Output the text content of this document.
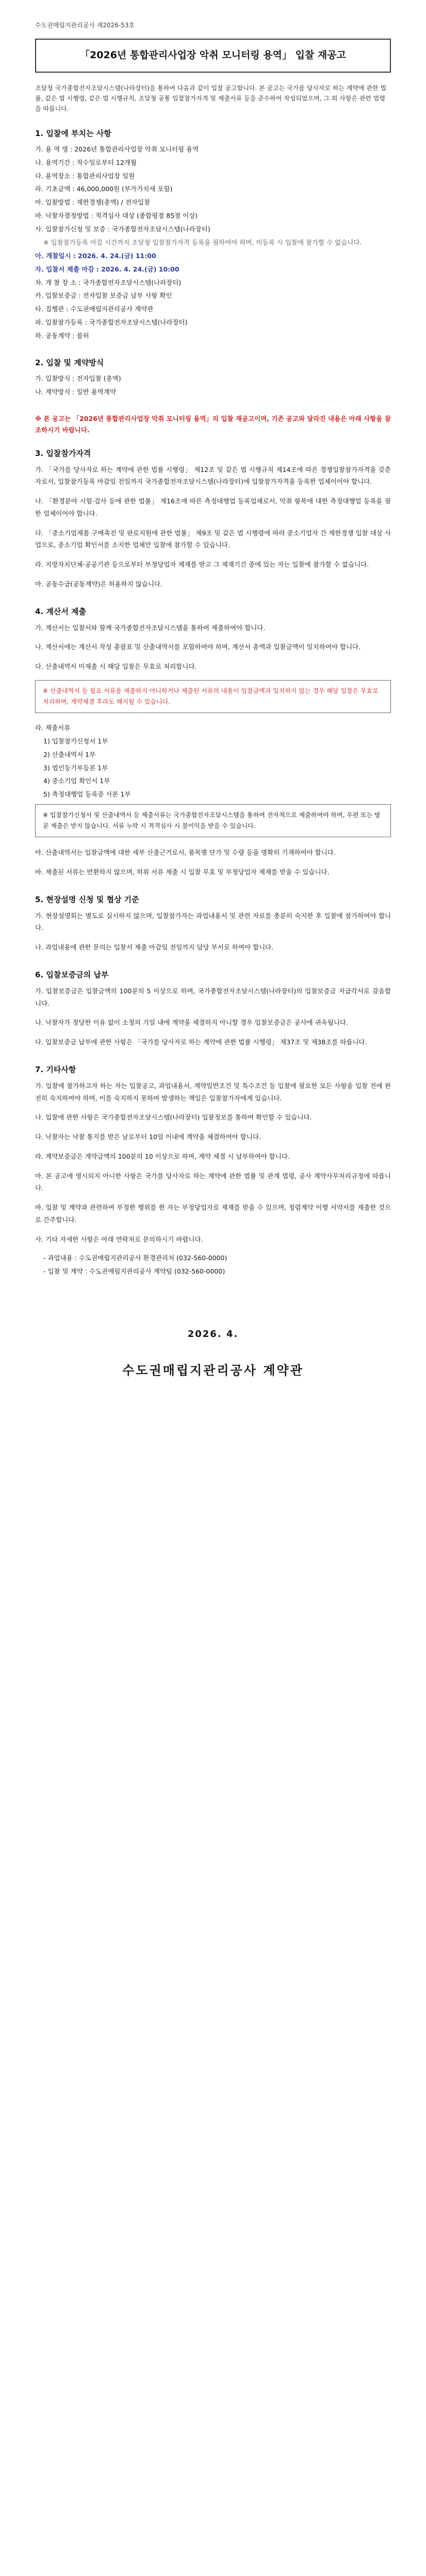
수도권매립지관리공사 제2026-53호
「2026년 통합관리사업장 악취 모니터링 용역」 입찰 재공고
조달청 국가종합전자조달시스템(나라장터)을 통하여 다음과 같이 입찰 공고합니다. 본 공고는 국가를 당사자로 하는 계약에 관한 법률, 같은 법 시행령, 같은 법 시행규칙, 조달청 공통 입찰참가자격 및 제출서류 등을 준수하여 작성되었으며, 그 외 사항은 관련 법령을 따릅니다.
1. 입찰에 부치는 사항
가. 용 역 명 : 2026년 통합관리사업장 악취 모니터링 용역
나. 용역기간 : 착수일로부터 12개월
다. 용역장소 : 통합관리사업장 일원
라. 기초금액 : 46,000,000원 (부가가치세 포함)
마. 입찰방법 : 제한경쟁(총액) / 전자입찰
바. 낙찰자결정방법 : 적격심사 대상 (종합평점 85점 이상)
사. 입찰참가신청 및 보증 : 국가종합전자조달시스템(나라장터)
※ 입찰참가등록 마감 시간까지 조달청 입찰참가자격 등록을 필하여야 하며, 미등록 시 입찰에 참가할 수 없습니다.
아. 개찰일시 : 2026. 4. 24.(금) 11:00
자. 입찰서 제출 마감 : 2026. 4. 24.(금) 10:00
차. 개 찰 장 소 : 국가종합전자조달시스템(나라장터)
카. 입찰보증금 : 전자입찰 보증금 납부 사항 확인
타. 집행관 : 수도권매립지관리공사 계약관
파. 입찰참가등록 : 국가종합전자조달시스템(나라장터)
하. 공동계약 : 불허
2. 입찰 및 계약방식
가. 입찰방식 : 전자입찰 (총액)
나. 계약방식 : 일반 용역계약
※ 본 공고는 「2026년 통합관리사업장 악취 모니터링 용역」의 입찰 재공고이며, 기존 공고와 달라진 내용은 아래 사항을 참조하시기 바랍니다.
3. 입찰참가자격
가. 「국가를 당사자로 하는 계약에 관한 법률 시행령」 제12조 및 같은 법 시행규칙 제14조에 따른 경쟁입찰참가자격을 갖춘 자로서, 입찰참가등록 마감일 전일까지 국가종합전자조달시스템(나라장터)에 입찰참가자격을 등록한 업체이어야 합니다.
나. 「환경분야 시험·검사 등에 관한 법률」 제16조에 따른 측정대행업 등록업체로서, 악취 항목에 대한 측정대행업 등록을 필한 업체이어야 합니다.
다. 「중소기업제품 구매촉진 및 판로지원에 관한 법률」 제9조 및 같은 법 시행령에 따라 중소기업자 간 제한경쟁 입찰 대상 사업으로, 중소기업 확인서를 소지한 업체만 입찰에 참가할 수 있습니다.
라. 지방자치단체·공공기관 등으로부터 부정당업자 제재를 받고 그 제재기간 중에 있는 자는 입찰에 참가할 수 없습니다.
마. 공동수급(공동계약)은 허용하지 않습니다.
4. 계산서 제출
가. 계산서는 입찰서와 함께 국가종합전자조달시스템을 통하여 제출하여야 합니다.
나. 계산서에는 계산서 작성 총괄표 및 산출내역서를 포함하여야 하며, 계산서 총액과 입찰금액이 일치하여야 합니다.
다. 산출내역서 미제출 시 해당 입찰은 무효로 처리합니다.
※ 산출내역서 등 필요 서류를 제출하지 아니하거나 제출된 서류의 내용이 입찰금액과 일치하지 않는 경우 해당 입찰은 무효로 처리하며, 계약체결 후라도 해지될 수 있습니다.
라. 제출서류
1) 입찰참가신청서 1부
2) 산출내역서 1부
3) 법인등기부등본 1부
4) 중소기업 확인서 1부
5) 측정대행업 등록증 사본 1부
※ 입찰참가신청서 및 산출내역서 등 제출서류는 국가종합전자조달시스템을 통하여 전자적으로 제출하여야 하며, 우편 또는 방문 제출은 받지 않습니다. 서류 누락 시 적격심사 시 불이익을 받을 수 있습니다.
마. 산출내역서는 입찰금액에 대한 세부 산출근거로서, 품목별 단가 및 수량 등을 명확히 기재하여야 합니다.
바. 제출된 서류는 반환하지 않으며, 허위 서류 제출 시 입찰 무효 및 부정당업자 제재를 받을 수 있습니다.
5. 현장설명 신청 및 협상 기준
가. 현장설명회는 별도로 실시하지 않으며, 입찰참가자는 과업내용서 및 관련 자료를 충분히 숙지한 후 입찰에 참가하여야 합니다.
나. 과업내용에 관한 문의는 입찰서 제출 마감일 전일까지 담당 부서로 하여야 합니다.
6. 입찰보증금의 납부
가. 입찰보증금은 입찰금액의 100분의 5 이상으로 하며, 국가종합전자조달시스템(나라장터)의 입찰보증금 지급각서로 갈음합니다.
나. 낙찰자가 정당한 이유 없이 소정의 기일 내에 계약을 체결하지 아니할 경우 입찰보증금은 공사에 귀속됩니다.
다. 입찰보증금 납부에 관한 사항은 「국가를 당사자로 하는 계약에 관한 법률 시행령」 제37조 및 제38조를 따릅니다.
7. 기타사항
가. 입찰에 참가하고자 하는 자는 입찰공고, 과업내용서, 계약일반조건 및 특수조건 등 입찰에 필요한 모든 사항을 입찰 전에 완전히 숙지하여야 하며, 이를 숙지하지 못하여 발생하는 책임은 입찰참가자에게 있습니다.
나. 입찰에 관한 사항은 국가종합전자조달시스템(나라장터) 입찰정보를 통하여 확인할 수 있습니다.
다. 낙찰자는 낙찰 통지를 받은 날로부터 10일 이내에 계약을 체결하여야 합니다.
라. 계약보증금은 계약금액의 100분의 10 이상으로 하며, 계약 체결 시 납부하여야 합니다.
마. 본 공고에 명시되지 아니한 사항은 국가를 당사자로 하는 계약에 관한 법률 및 관계 법령, 공사 계약사무처리규정에 따릅니다.
바. 입찰 및 계약과 관련하여 부정한 행위를 한 자는 부정당업자로 제재를 받을 수 있으며, 청렴계약 이행 서약서를 제출한 것으로 간주합니다.
사. 기타 자세한 사항은 아래 연락처로 문의하시기 바랍니다.
- 과업내용 : 수도권매립지관리공사 환경관리처 (032-560-0000)
- 입찰 및 계약 : 수도권매립지관리공사 계약팀 (032-560-0000)
2026. 4.
수도권매립지관리공사 계약관
